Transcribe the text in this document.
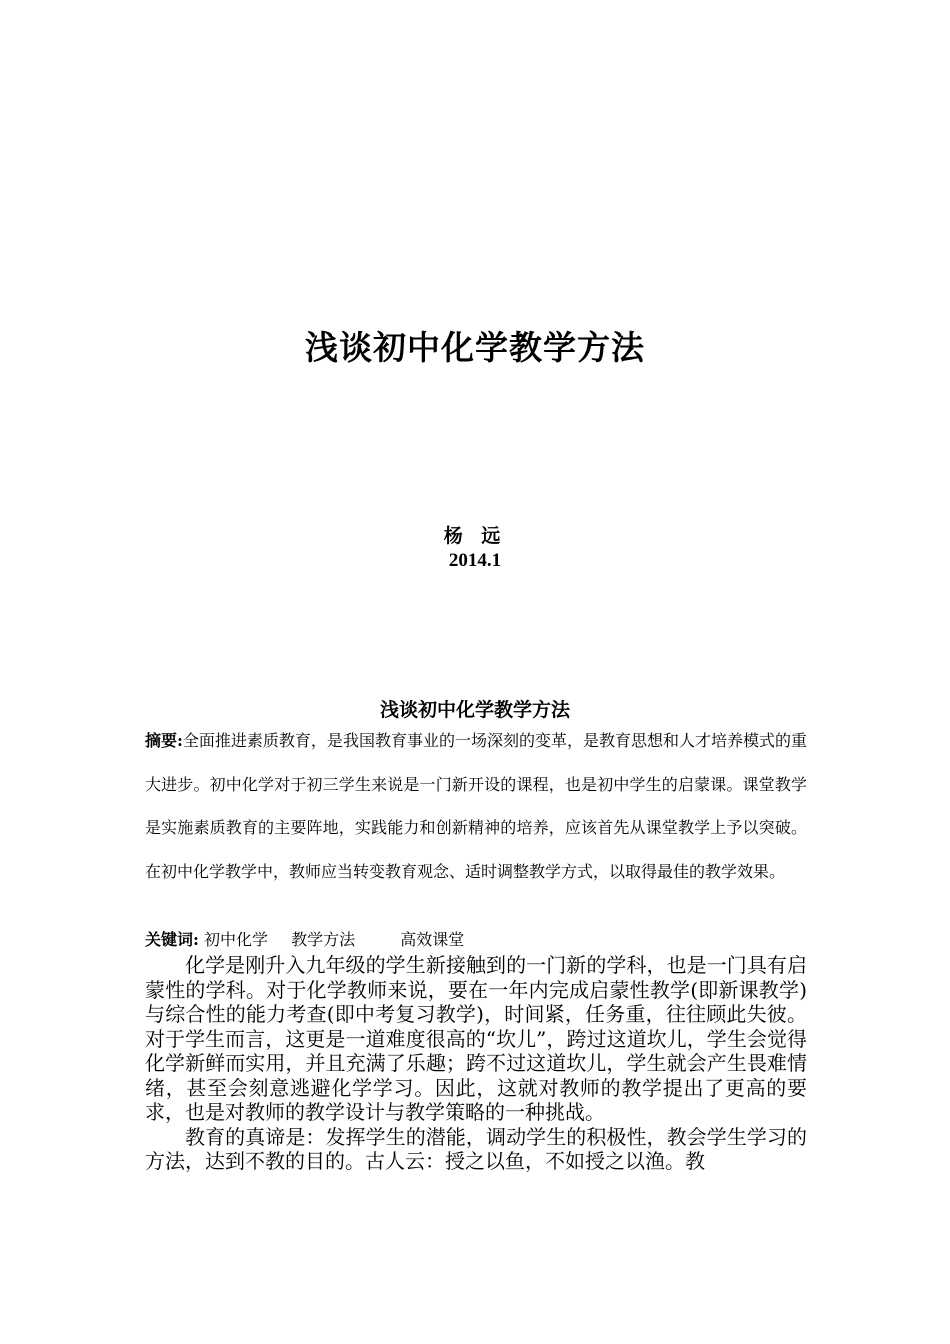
浅谈初中化学教学方法
杨 远
2014.1
浅谈初中化学教学方法
摘要:全面推进素质教育，是我国教育事业的一场深刻的变革，是教育思想和人才培养模式的重大进步。初中化学对于初三学生来说是一门新开设的课程，也是初中学生的启蒙课。课堂教学是实施素质教育的主要阵地，实践能力和创新精神的培养，应该首先从课堂教学上予以突破。在初中化学教学中，教师应当转变教育观念、适时调整教学方式，以取得最佳的教学效果。
关键词: 初中化学 教学方法	高效课堂

化学是刚升入九年级的学生新接触到的一门新的学科，也是一门具有启蒙性的学科。对于化学教师来说，要在一年内完成启蒙性教学(即新课教学)与综合性的能力考查(即中考复习教学)，时间紧，任务重，往往顾此失彼。对于学生而言，这更是一道难度很高的“坎儿”，跨过这道坎儿，学生会觉得化学新鲜而实用，并且充满了乐趣；跨不过这道坎儿，学生就会产生畏难情绪，甚至会刻意逃避化学学习。因此，这就对教师的教学提出了更高的要求，也是对教师的教学设计与教学策略的一种挑战。

教育的真谛是：发挥学生的潜能，调动学生的积极性，教会学生学习的方法，达到不教的目的。古人云：授之以鱼，不如授之以渔。教
